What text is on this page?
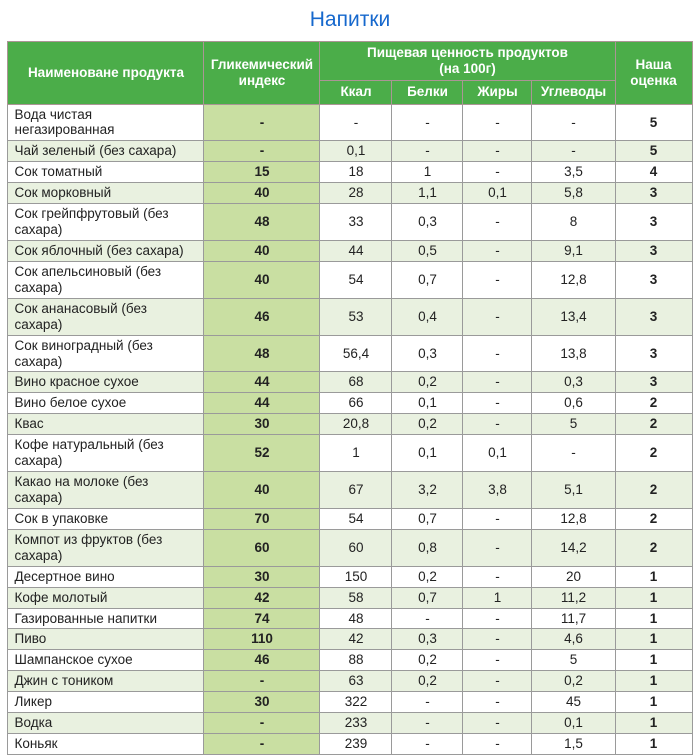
Напитки
Наименоване продукта	Гликемический индекс	Пищевая ценность продуктов
(на 100г)				Наша оценка
		Ккал	Белки	Жиры	Углеводы	
Вода чистая негазированная	-	-	-	-	-	5
Чай зеленый (без сахара)	-	0,1	-	-	-	5
Сок томатный	15	18	1	-	3,5	4
Сок морковный	40	28	1,1	0,1	5,8	3
Сок грейпфрутовый (без сахара)	48	33	0,3	-	8	3
Сок яблочный (без сахара)	40	44	0,5	-	9,1	3
Сок апельсиновый (без сахара)	40	54	0,7	-	12,8	3
Сок ананасовый (без сахара)	46	53	0,4	-	13,4	3
Сок виноградный (без сахара)	48	56,4	0,3	-	13,8	3
Вино красное сухое	44	68	0,2	-	0,3	3
Вино белое сухое	44	66	0,1	-	0,6	2
Квас	30	20,8	0,2	-	5	2
Кофе натуральный (без сахара)	52	1	0,1	0,1	-	2
Какао на молоке (без сахара)	40	67	3,2	3,8	5,1	2
Сок в упаковке	70	54	0,7	-	12,8	2
Компот из фруктов (без сахара)	60	60	0,8	-	14,2	2
Десертное вино	30	150	0,2	-	20	1
Кофе молотый	42	58	0,7	1	11,2	1
Газированные напитки	74	48	-	-	11,7	1
Пиво	110	42	0,3	-	4,6	1
Шампанское сухое	46	88	0,2	-	5	1
Джин с тоником	-	63	0,2	-	0,2	1
Ликер	30	322	-	-	45	1
Водка	-	233	-	-	0,1	1
Коньяк	-	239	-	-	1,5	1
